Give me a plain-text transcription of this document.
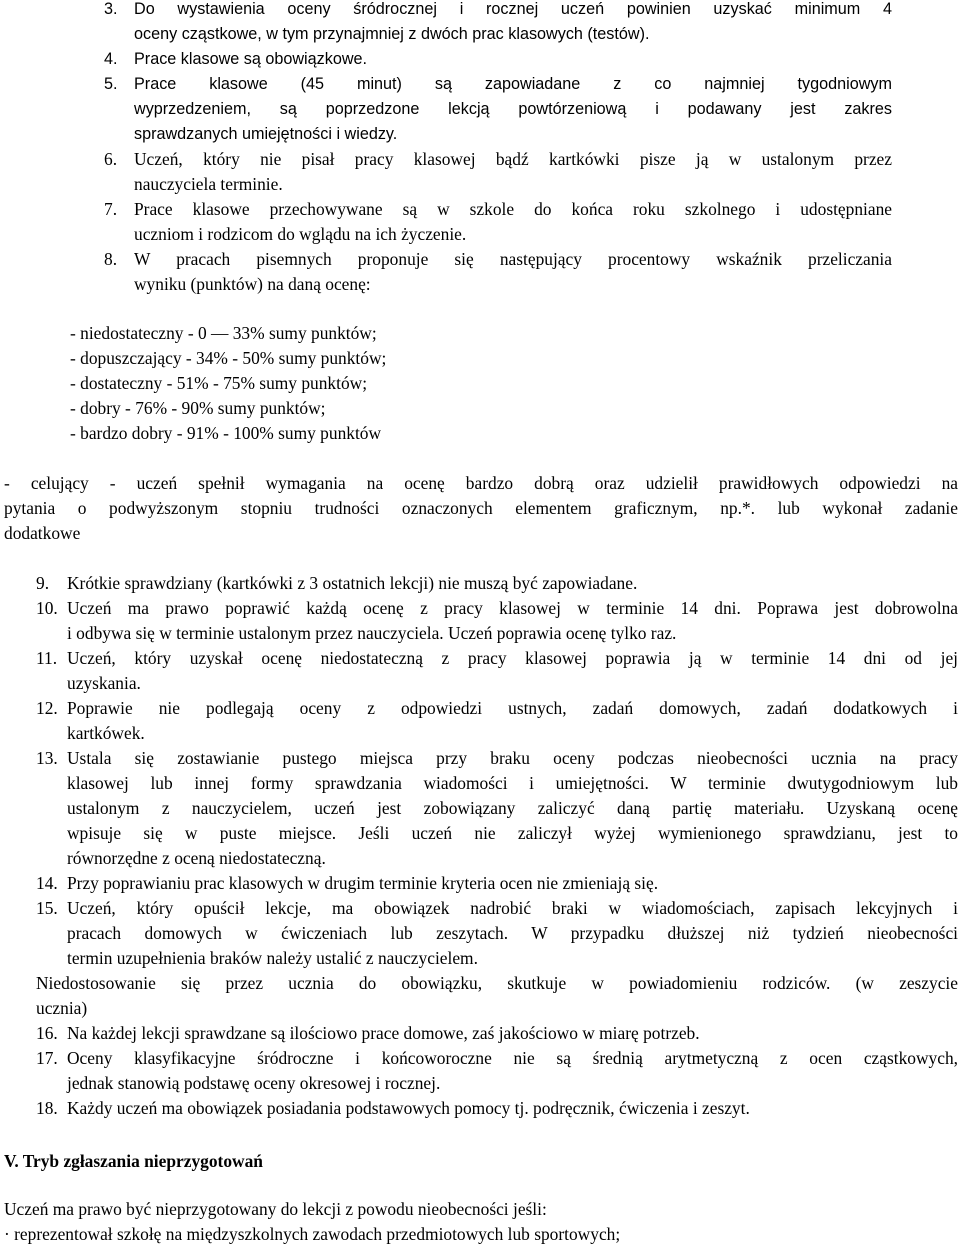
3. Do wystawienia oceny śródrocznej i rocznej uczeń powinien uzyskać minimum 4

oceny cząstkowe, w tym przynajmniej z dwóch prac klasowych (testów).

4. Prace klasowe są obowiązkowe.

5. Prace klasowe (45 minut) są zapowiadane z co najmniej tygodniowym

wyprzedzeniem, są poprzedzone lekcją powtórzeniową i podawany jest zakres

sprawdzanych umiejętności i wiedzy.

6. Uczeń, który nie pisał pracy klasowej bądź kartkówki pisze ją w ustalonym przez

nauczyciela terminie.

7. Prace klasowe przechowywane są w szkole do końca roku szkolnego i udostępniane

uczniom i rodzicom do wglądu na ich życzenie.

8. W pracach pisemnych proponuje się następujący procentowy wskaźnik przeliczania

wyniku (punktów) na daną ocenę:

- niedostateczny - 0 — 33% sumy punktów;

- dopuszczający - 34% - 50% sumy punktów;

- dostateczny - 51% - 75% sumy punktów;

- dobry - 76% - 90% sumy punktów;

- bardzo dobry - 91% - 100% sumy punktów

- celujący - uczeń spełnił wymagania na ocenę bardzo dobrą oraz udzielił prawidłowych odpowiedzi na

pytania o podwyższonym stopniu trudności oznaczonych elementem graficznym, np.*. lub wykonał zadanie

dodatkowe

9. Krótkie sprawdziany (kartkówki z 3 ostatnich lekcji) nie muszą być zapowiadane.

10. Uczeń ma prawo poprawić każdą ocenę z pracy klasowej w terminie 14 dni. Poprawa jest dobrowolna

i odbywa się w terminie ustalonym przez nauczyciela. Uczeń poprawia ocenę tylko raz.

11. Uczeń, który uzyskał ocenę niedostateczną z pracy klasowej poprawia ją w terminie 14 dni od jej

uzyskania.

12. Poprawie nie podlegają oceny z odpowiedzi ustnych, zadań domowych, zadań dodatkowych i

kartkówek.

13. Ustala się zostawianie pustego miejsca przy braku oceny podczas nieobecności ucznia na pracy

klasowej lub innej formy sprawdzania wiadomości i umiejętności. W terminie dwutygodniowym lub

ustalonym z nauczycielem, uczeń jest zobowiązany zaliczyć daną partię materiału. Uzyskaną ocenę

wpisuje się w puste miejsce. Jeśli uczeń nie zaliczył wyżej wymienionego sprawdzianu, jest to

równorzędne z oceną niedostateczną.

14. Przy poprawianiu prac klasowych w drugim terminie kryteria ocen nie zmieniają się.

15. Uczeń, który opuścił lekcje, ma obowiązek nadrobić braki w wiadomościach, zapisach lekcyjnych i

pracach domowych w ćwiczeniach lub zeszytach. W przypadku dłuższej niż tydzień nieobecności

termin uzupełnienia braków należy ustalić z nauczycielem.

Niedostosowanie się przez ucznia do obowiązku, skutkuje w powiadomieniu rodziców. (w zeszycie

ucznia)

16. Na każdej lekcji sprawdzane są ilościowo prace domowe, zaś jakościowo w miarę potrzeb.

17. Oceny klasyfikacyjne śródroczne i końcoworoczne nie są średnią arytmetyczną z ocen cząstkowych,

jednak stanowią podstawę oceny okresowej i rocznej.

18. Każdy uczeń ma obowiązek posiadania podstawowych pomocy tj. podręcznik, ćwiczenia i zeszyt.

V. Tryb zgłaszania nieprzygotowań
Uczeń ma prawo być nieprzygotowany do lekcji z powodu nieobecności jeśli:
· reprezentował szkołę na międzyszkolnych zawodach przedmiotowych lub sportowych;
